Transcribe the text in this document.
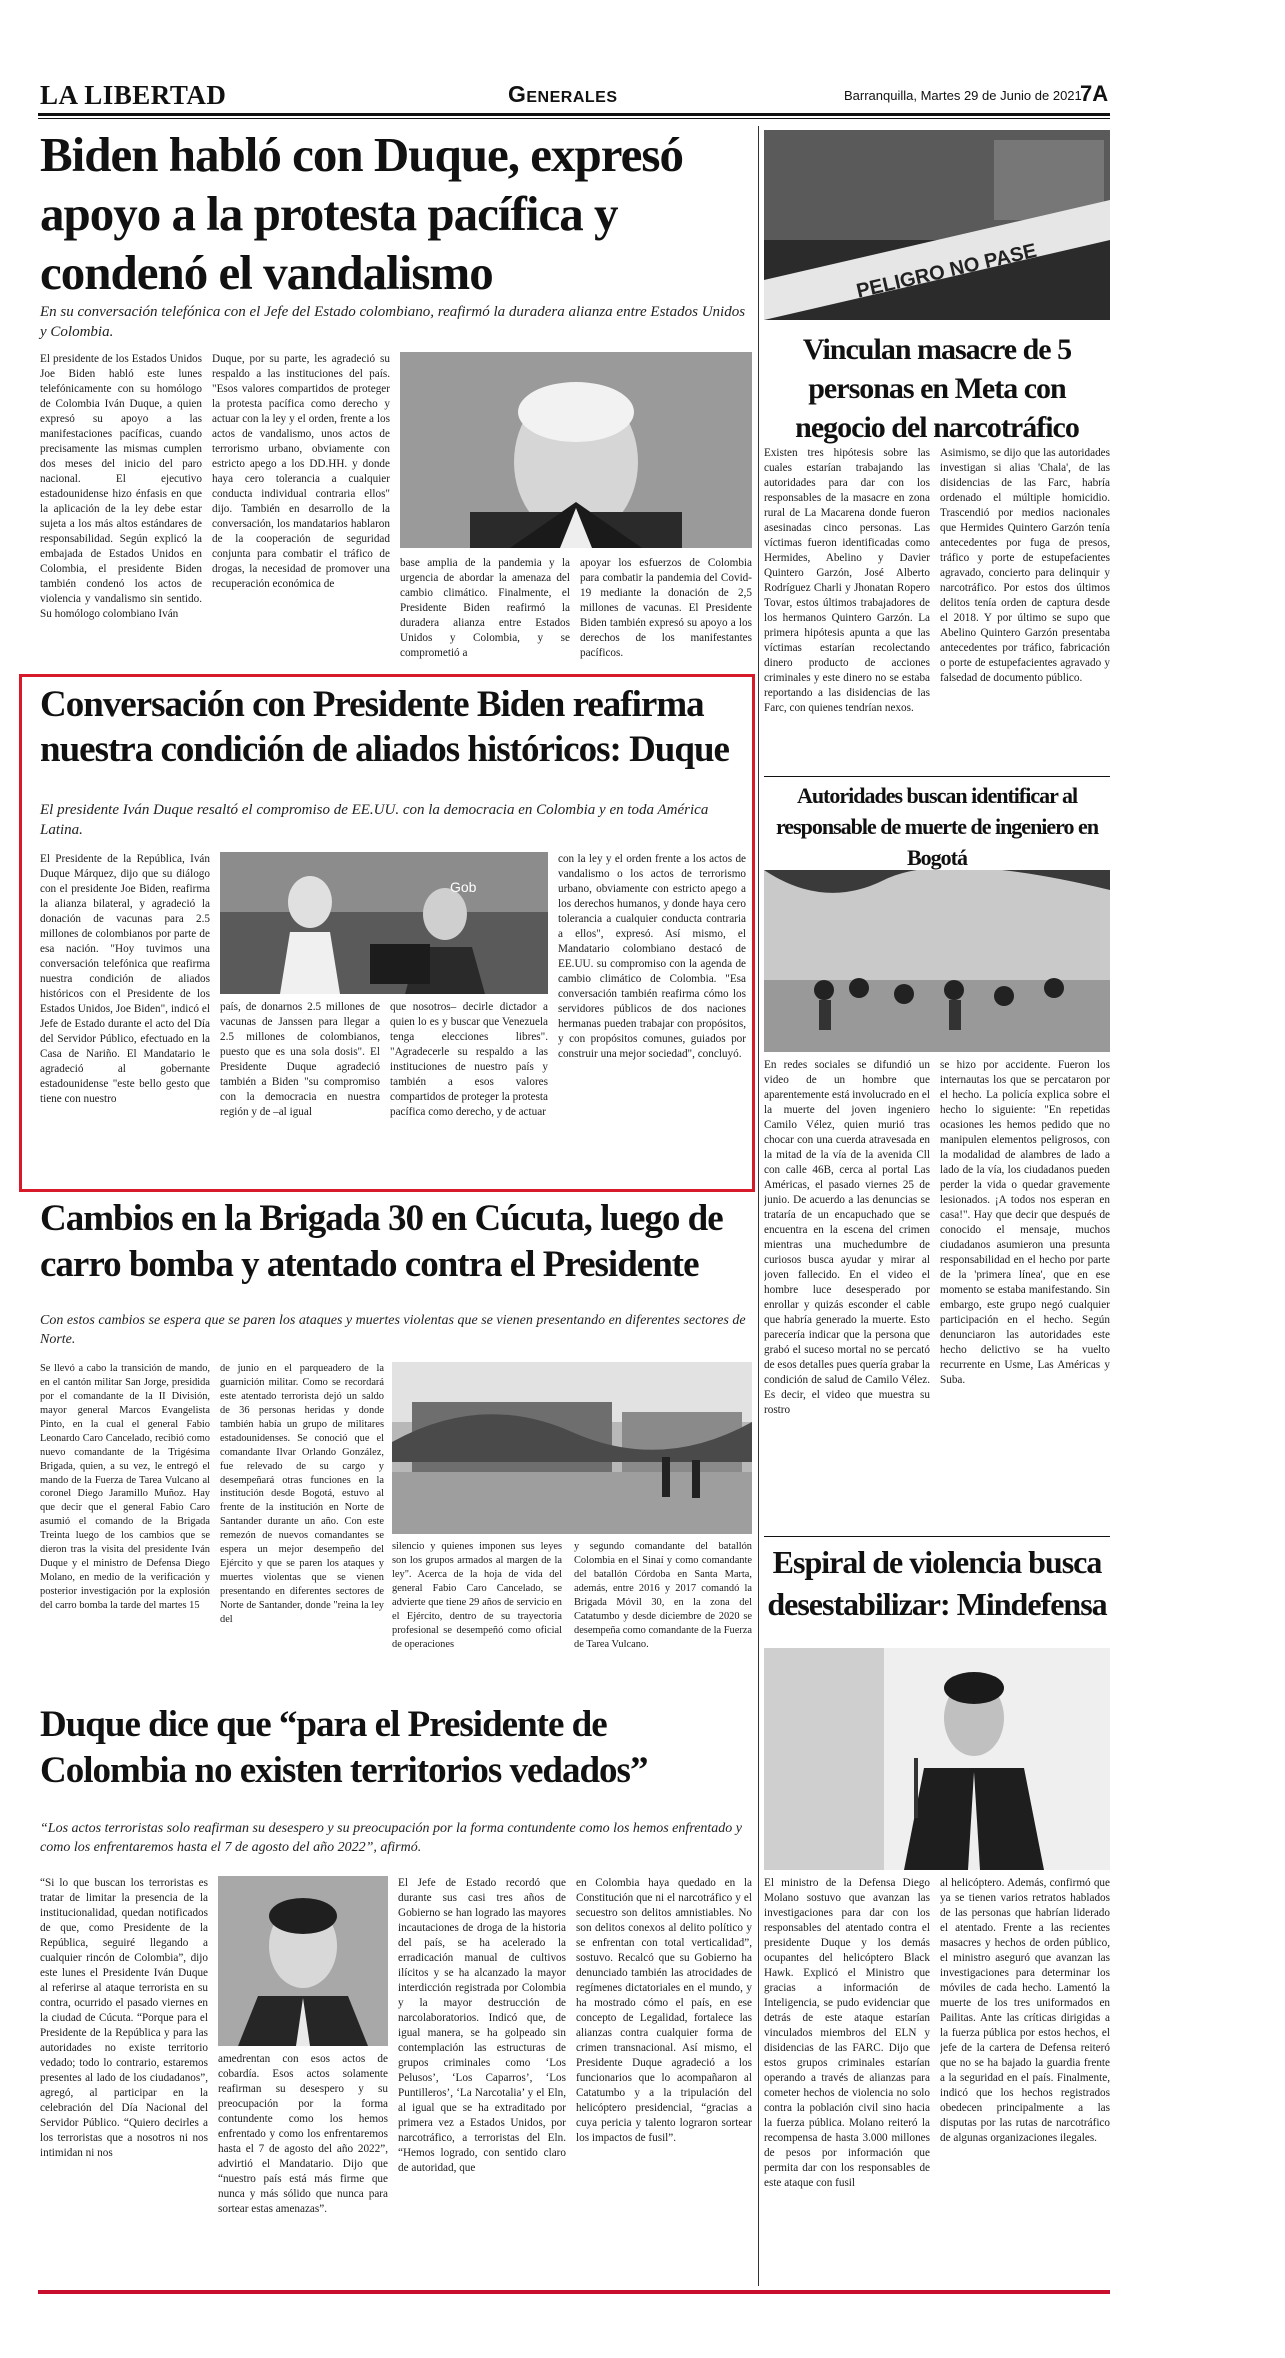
LA LIBERTAD	Generales	Barranquilla, Martes 29 de Junio de 2021
7A
Biden habló con Duque, expresó apoyo a la protesta pacífica y condenó el vandalismo
En su conversación telefónica con el Jefe del Estado colombiano, reafirmó la duradera alianza entre Estados Unidos y Colombia.

El presidente de los Estados Unidos Joe Biden habló este lunes telefónicamente con su homólogo de Colombia Iván Duque, a quien expresó su apoyo a las manifestaciones pacíficas, cuando precisamente las mismas cumplen dos meses del inicio del paro nacional. El ejecutivo estadounidense hizo énfasis en que la aplicación de la ley debe estar sujeta a los más altos estándares de responsabilidad. Según explicó la embajada de Estados Unidos en Colombia, el presidente Biden también condenó los actos de violencia y vandalismo sin sentido. Su homólogo colombiano Iván

Duque, por su parte, les agradeció su respaldo a las instituciones del país. "Esos valores compartidos de proteger la protesta pacífica como derecho y actuar con la ley y el orden, frente a los actos de vandalismo, unos actos de terrorismo urbano, obviamente con estricto apego a los DD.HH. y donde haya cero tolerancia a cualquier conducta individual contraria ellos" dijo. También en desarrollo de la conversación, los mandatarios hablaron de la cooperación de seguridad conjunta para combatir el tráfico de drogas, la necesidad de promover una recuperación económica de

base amplia de la pandemia y la urgencia de abordar la amenaza del cambio climático. Finalmente, el Presidente Biden reafirmó la duradera alianza entre Estados Unidos y Colombia, y se comprometió a

apoyar los esfuerzos de Colombia para combatir la pandemia del Covid-19 mediante la donación de 2,5 millones de vacunas. El Presidente Biden también expresó su apoyo a los derechos de los manifestantes pacíficos.

Conversación con Presidente Biden reafirma nuestra condición de aliados históricos: Duque
El presidente Iván Duque resaltó el compromiso de EE.UU. con la democracia en Colombia y en toda América Latina.

El Presidente de la República, Iván Duque Márquez, dijo que su diálogo con el presidente Joe Biden, reafirma la alianza bilateral, y agradeció la donación de vacunas para 2.5 millones de colombianos por parte de esa nación. "Hoy tuvimos una conversación telefónica que reafirma nuestra condición de aliados históricos con el Presidente de los Estados Unidos, Joe Biden", indicó el Jefe de Estado durante el acto del Día del Servidor Público, efectuado en la Casa de Nariño. El Mandatario le agradeció al gobernante estadounidense "este bello gesto que tiene con nuestro

Gob

país, de donarnos 2.5 millones de vacunas de Janssen para llegar a 2.5 millones de colombianos, puesto que es una sola dosis". El Presidente Duque agradeció también a Biden "su compromiso con la democracia en nuestra región y de –al igual

que nosotros– decirle dictador a quien lo es y buscar que Venezuela tenga elecciones libres". "Agradecerle su respaldo a las instituciones de nuestro país y también a esos valores compartidos de proteger la protesta pacífica como derecho, y de actuar

con la ley y el orden frente a los actos de vandalismo o los actos de terrorismo urbano, obviamente con estricto apego a los derechos humanos, y donde haya cero tolerancia a cualquier conducta contraria a ellos", expresó. Así mismo, el Mandatario colombiano destacó de EE.UU. su compromiso con la agenda de cambio climático de Colombia. "Esa conversación también reafirma cómo los servidores públicos de dos naciones hermanas pueden trabajar con propósitos, y con propósitos comunes, guiados por construir una mejor sociedad", concluyó.

Cambios en la Brigada 30 en Cúcuta, luego de carro bomba y atentado contra el Presidente
Con estos cambios se espera que se paren los ataques y muertes violentas que se vienen presentando en diferentes sectores de Norte.

Se llevó a cabo la transición de mando, en el cantón militar San Jorge, presidida por el comandante de la II División, mayor general Marcos Evangelista Pinto, en la cual el general Fabio Leonardo Caro Cancelado, recibió como nuevo comandante de la Trigésima Brigada, quien, a su vez, le entregó el mando de la Fuerza de Tarea Vulcano al coronel Diego Jaramillo Muñoz. Hay que decir que el general Fabio Caro asumió el comando de la Brigada Treinta luego de los cambios que se dieron tras la visita del presidente Iván Duque y el ministro de Defensa Diego Molano, en medio de la verificación y posterior investigación por la explosión del carro bomba la tarde del martes 15

de junio en el parqueadero de la guarnición militar. Como se recordará este atentado terrorista dejó un saldo de 36 personas heridas y donde también había un grupo de militares estadounidenses. Se conoció que el comandante Ilvar Orlando González, fue relevado de su cargo y desempeñará otras funciones en la institución desde Bogotá, estuvo al frente de la institución en Norte de Santander durante un año. Con este remezón de nuevos comandantes se espera un mejor desempeño del Ejército y que se paren los ataques y muertes violentas que se vienen presentando en diferentes sectores de Norte de Santander, donde "reina la ley del

silencio y quienes imponen sus leyes son los grupos armados al margen de la ley". Acerca de la hoja de vida del general Fabio Caro Cancelado, se advierte que tiene 29 años de servicio en el Ejército, dentro de su trayectoria profesional se desempeñó como oficial de operaciones

y segundo comandante del batallón Colombia en el Sinaí y como comandante del batallón Córdoba en Santa Marta, además, entre 2016 y 2017 comandó la Brigada Móvil 30, en la zona del Catatumbo y desde diciembre de 2020 se desempeña como comandante de la Fuerza de Tarea Vulcano.

Duque dice que “para el Presidente de Colombia no existen territorios vedados”
“Los actos terroristas solo reafirman su desespero y su preocupación por la forma contundente como los hemos enfrentado y como los enfrentaremos hasta el 7 de agosto del año 2022”, afirmó.

“Si lo que buscan los terroristas es tratar de limitar la presencia de la institucionalidad, quedan notificados de que, como Presidente de la República, seguiré llegando a cualquier rincón de Colombia”, dijo este lunes el Presidente Iván Duque al referirse al ataque terrorista en su contra, ocurrido el pasado viernes en la ciudad de Cúcuta. “Porque para el Presidente de la República y para las autoridades no existe territorio vedado; todo lo contrario, estaremos presentes al lado de los ciudadanos”, agregó, al participar en la celebración del Día Nacional del Servidor Público. “Quiero decirles a los terroristas que a nosotros ni nos intimidan ni nos

amedrentan con esos actos de cobardía. Esos actos solamente reafirman su desespero y su preocupación por la forma contundente como los hemos enfrentado y como los enfrentaremos hasta el 7 de agosto del año 2022”, advirtió el Mandatario. Dijo que “nuestro país está más firme que nunca y más sólido que nunca para sortear estas amenazas”.

El Jefe de Estado recordó que durante sus casi tres años de Gobierno se han logrado las mayores incautaciones de droga de la historia del país, se ha acelerado la erradicación manual de cultivos ilícitos y se ha alcanzado la mayor interdicción registrada por Colombia y la mayor destrucción de narcolaboratorios. Indicó que, de igual manera, se ha golpeado sin contemplación las estructuras de grupos criminales como ‘Los Pelusos’, ‘Los Caparros’, ‘Los Puntilleros’, ‘La Narcotalia’ y el Eln, al igual que se ha extraditado por primera vez a Estados Unidos, por narcotráfico, a terroristas del Eln. “Hemos logrado, con sentido claro de autoridad, que

en Colombia haya quedado en la Constitución que ni el narcotráfico y el secuestro son delitos amnistiables. No son delitos conexos al delito político y se enfrentan con total verticalidad”, sostuvo. Recalcó que su Gobierno ha denunciado también las atrocidades de regímenes dictatoriales en el mundo, y ha mostrado cómo el país, en ese concepto de Legalidad, fortalece las alianzas contra cualquier forma de crimen transnacional. Así mismo, el Presidente Duque agradeció a los funcionarios que lo acompañaron al Catatumbo y a la tripulación del helicóptero presidencial, “gracias a cuya pericia y talento lograron sortear los impactos de fusil”.

PELIGRO NO PASE
Vinculan masacre de 5 personas en Meta con negocio del narcotráfico

Existen tres hipótesis sobre las cuales estarían trabajando las autoridades para dar con los responsables de la masacre en zona rural de La Macarena donde fueron asesinadas cinco personas. Las víctimas fueron identificadas como Hermides, Abelino y Davier Quintero Garzón, José Alberto Rodríguez Charli y Jhonatan Ropero Tovar, estos últimos trabajadores de los hermanos Quintero Garzón. La primera hipótesis apunta a que las víctimas estarían recolectando dinero producto de acciones criminales y este dinero no se estaba reportando a las disidencias de las Farc, con quienes tendrían nexos.

Asimismo, se dijo que las autoridades investigan si alias 'Chala', de las disidencias de las Farc, habría ordenado el múltiple homicidio. Trascendió por medios nacionales que Hermides Quintero Garzón tenía antecedentes por fuga de presos, tráfico y porte de estupefacientes agravado, concierto para delinquir y narcotráfico. Por estos dos últimos delitos tenía orden de captura desde el 2018. Y por último se supo que Abelino Quintero Garzón presentaba antecedentes por tráfico, fabricación o porte de estupefacientes agravado y falsedad de documento público.

Autoridades buscan identificar al responsable de muerte de ingeniero en Bogotá

En redes sociales se difundió un video de un hombre que aparentemente está involucrado en el la muerte del joven ingeniero Camilo Vélez, quien murió tras chocar con una cuerda atravesada en la mitad de la vía de la avenida Cll con calle 46B, cerca al portal Las Américas, el pasado viernes 25 de junio. De acuerdo a las denuncias se trataría de un encapuchado que se encuentra en la escena del crimen mientras una muchedumbre de curiosos busca ayudar y mirar al joven fallecido. En el video el hombre luce desesperado por enrollar y quizás esconder el cable que habría generado la muerte. Esto parecería indicar que la persona que grabó el suceso mortal no se percató de esos detalles pues quería grabar la condición de salud de Camilo Vélez. Es decir, el video que muestra su rostro

se hizo por accidente. Fueron los internautas los que se percataron por el hecho. La policía explica sobre el hecho lo siguiente: "En repetidas ocasiones les hemos pedido que no manipulen elementos peligrosos, con la modalidad de alambres de lado a lado de la vía, los ciudadanos pueden perder la vida o quedar gravemente lesionados. ¡A todos nos esperan en casa!". Hay que decir que después de conocido el mensaje, muchos ciudadanos asumieron una presunta responsabilidad en el hecho por parte de la 'primera línea', que en ese momento se estaba manifestando. Sin embargo, este grupo negó cualquier participación en el hecho. Según denunciaron las autoridades este hecho delictivo se ha vuelto recurrente en Usme, Las Américas y Suba.

Espiral de violencia busca desestabilizar: Mindefensa

El ministro de la Defensa Diego Molano sostuvo que avanzan las investigaciones para dar con los responsables del atentado contra el presidente Duque y los demás ocupantes del helicóptero Black Hawk. Explicó el Ministro que gracias a información de Inteligencia, se pudo evidenciar que detrás de este ataque estarían vinculados miembros del ELN y disidencias de las FARC. Dijo que estos grupos criminales estarían operando a través de alianzas para cometer hechos de violencia no solo contra la población civil sino hacia la fuerza pública. Molano reiteró la recompensa de hasta 3.000 millones de pesos por información que permita dar con los responsables de este ataque con fusil

al helicóptero. Además, confirmó que ya se tienen varios retratos hablados de las personas que habrían liderado el atentado. Frente a las recientes masacres y hechos de orden público, el ministro aseguró que avanzan las investigaciones para determinar los móviles de cada hecho. Lamentó la muerte de los tres uniformados en Pailitas. Ante las críticas dirigidas a la fuerza pública por estos hechos, el jefe de la cartera de Defensa reiteró que no se ha bajado la guardia frente a la seguridad en el país. Finalmente, indicó que los hechos registrados obedecen principalmente a las disputas por las rutas de narcotráfico de algunas organizaciones ilegales.
